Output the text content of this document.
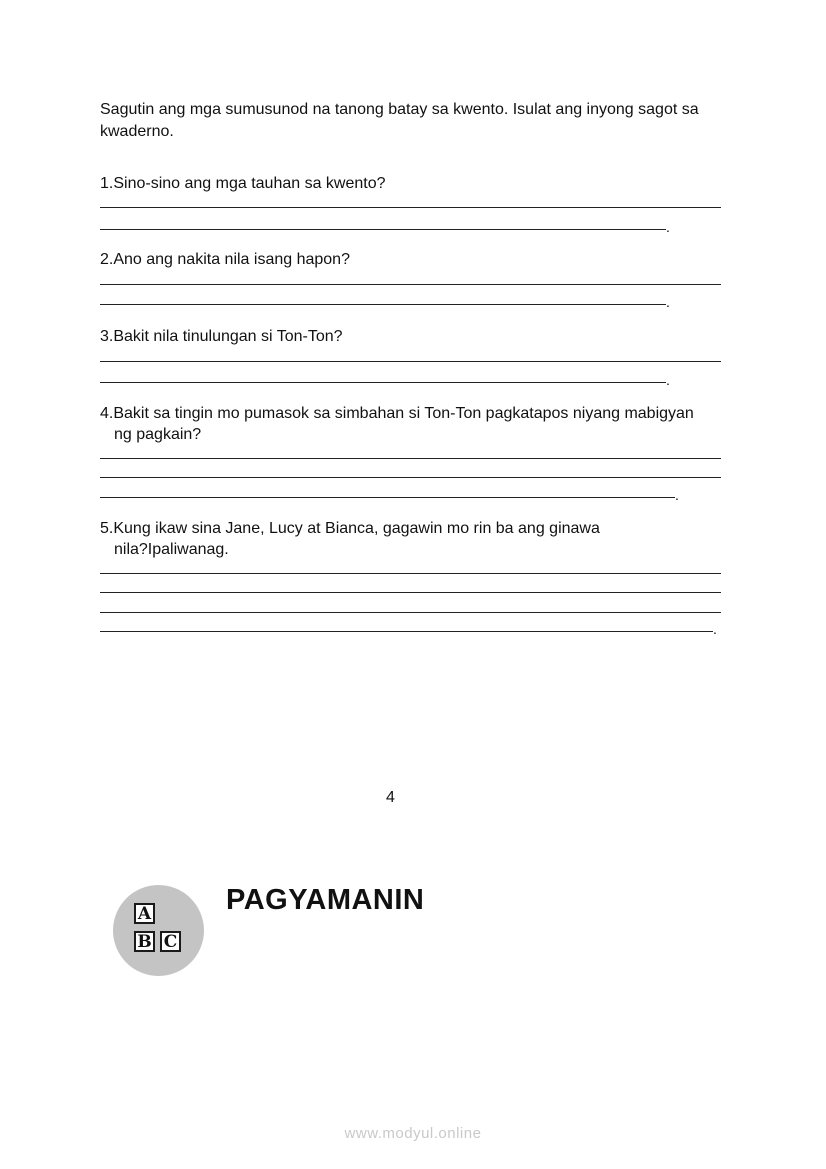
Sagutin ang mga sumusunod na tanong batay sa kwento. Isulat ang inyong sagot sa kwaderno.

1.Sino-sino ang mga tauhan sa kwento?

.

2.Ano ang nakita nila isang hapon?

.

3.Bakit nila tinulungan si Ton-Ton?

.

4.Bakit sa tingin mo pumasok sa simbahan si Ton-Ton pagkatapos niyang mabigyan
ng pagkain?

.

5.Kung ikaw sina Jane, Lucy at Bianca, gagawin mo rin ba ang ginawa
nila?Ipaliwanag.

.
4
A
B C
PAGYAMANIN
www.modyul.online
